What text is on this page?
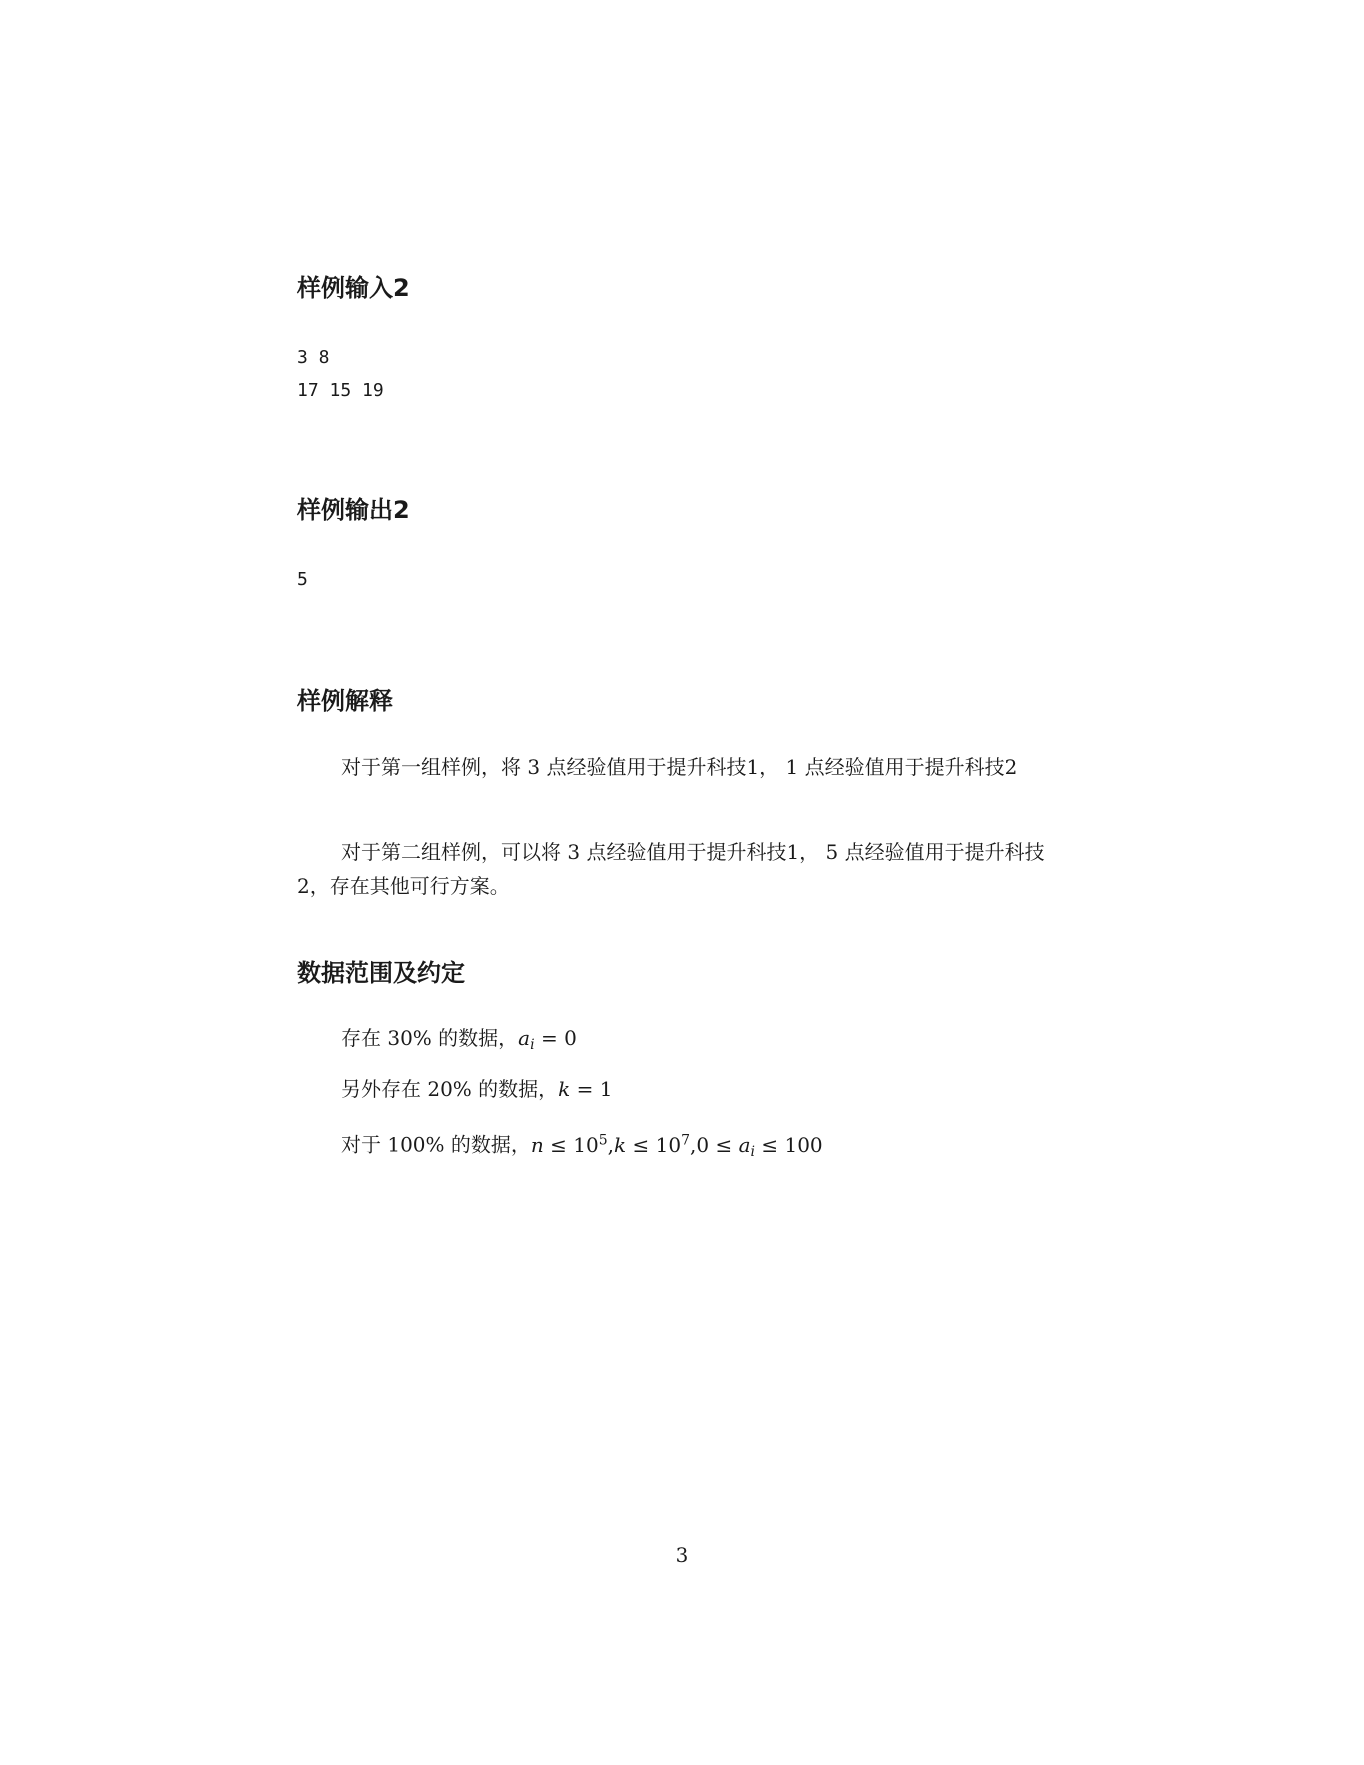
样例输入2
3 8
17 15 19
样例输出2
5
样例解释

对于第一组样例，将 3 点经验值用于提升科技1， 1 点经验值用于提升科技2

对于第二组样例，可以将 3 点经验值用于提升科技1， 5 点经验值用于提升科技2，存在其他可行方案。

数据范围及约定
存在 30% 的数据，$a_i = 0$
另外存在 20% 的数据，k = 1
对于 100% 的数据，$n \le 10^5,k \le 10^7,0 \le a_i \le 100$
3
